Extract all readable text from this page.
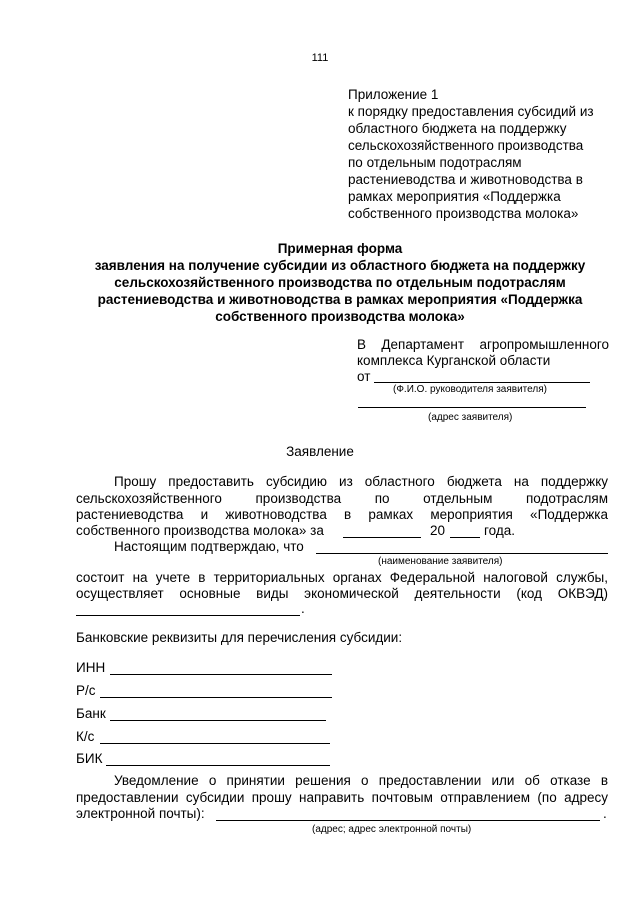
111
Приложение 1
к порядку предоставления субсидий из
областного бюджета на поддержку
сельскохозяйственного производства
по отдельным подотраслям
растениеводства и животноводства в
рамках мероприятия «Поддержка
собственного производства молока»
Примерная форма
заявления на получение субсидии из областного бюджета на поддержку
сельскохозяйственного производства по отдельным подотраслям
растениеводства и животноводства в рамках мероприятия «Поддержка
собственного производства молока»
В Департамент агропромышленного
комплекса Курганской области
от
(Ф.И.О. руководителя заявителя)
(адрес заявителя)
Заявление
Прошу предоставить субсидию из областного бюджета на поддержку
сельскохозяйственного производства по отдельным подотраслям
растениеводства и животноводства в рамках мероприятия «Поддержка
собственного производства молока» за	20	года.
Настоящим подтверждаю, что
(наименование заявителя)
состоит на учете в территориальных органах Федеральной налоговой службы,
осуществляет основные виды экономической деятельности (код ОКВЭД)
.
Банковские реквизиты для перечисления субсидии:
ИНН
Р/с
Банк
К/с
БИК
Уведомление о принятии решения о предоставлении или об отказе в
предоставлении субсидии прошу направить почтовым отправлением (по адресу
электронной почты):	.
(адрес; адрес электронной почты)
